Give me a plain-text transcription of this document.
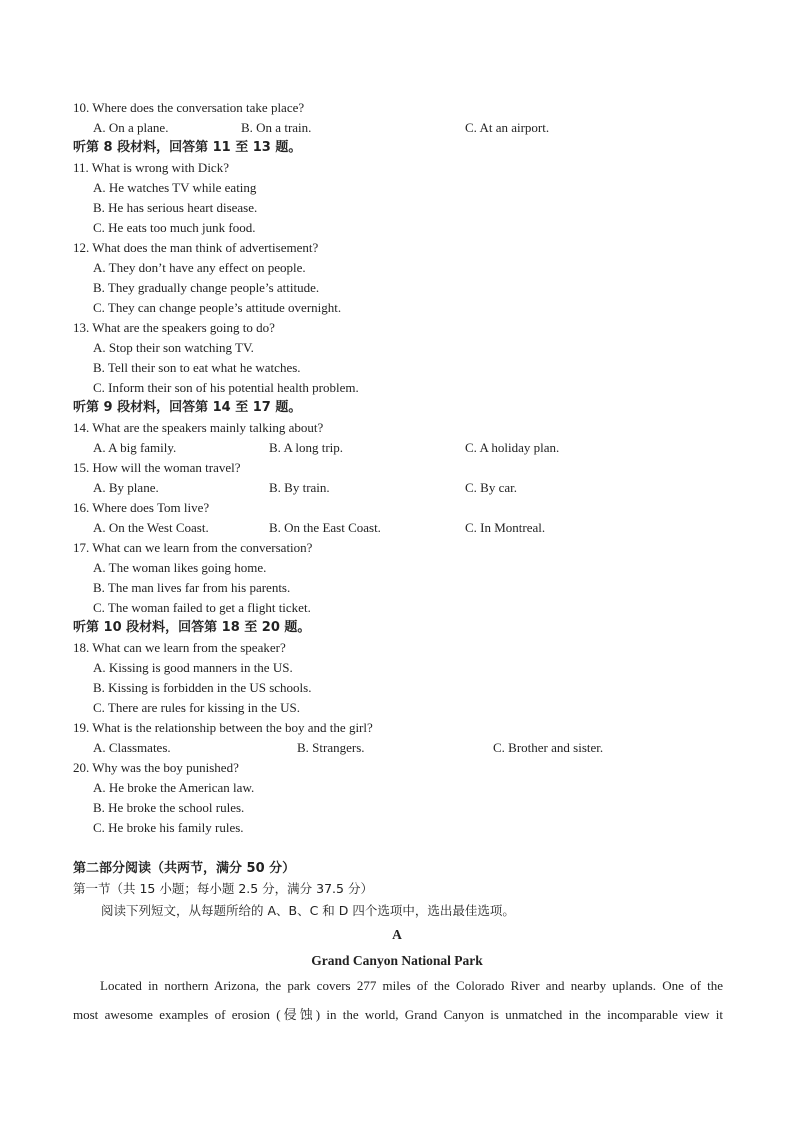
10. Where does the conversation take place?
A. On a plane.	B. On a train.	C. At an airport.
听第 8 段材料，回答第 11 至 13 题。
11. What is wrong with Dick?
A. He watches TV while eating
B. He has serious heart disease.
C. He eats too much junk food.
12. What does the man think of advertisement?
A. They don’t have any effect on people.
B. They gradually change people’s attitude.
C. They can change people’s attitude overnight.
13. What are the speakers going to do?
A. Stop their son watching TV.
B. Tell their son to eat what he watches.
C. Inform their son of his potential health problem.
听第 9 段材料，回答第 14 至 17 题。
14. What are the speakers mainly talking about?
A. A big family.	B. A long trip.	C. A holiday plan.
15. How will the woman travel?
A. By plane.	B. By train.	C. By car.
16. Where does Tom live?
A. On the West Coast.	B. On the East Coast.	C. In Montreal.
17. What can we learn from the conversation?
A. The woman likes going home.
B. The man lives far from his parents.
C. The woman failed to get a flight ticket.
听第 10 段材料，回答第 18 至 20 题。
18. What can we learn from the speaker?
A. Kissing is good manners in the US.
B. Kissing is forbidden in the US schools.
C. There are rules for kissing in the US.
19. What is the relationship between the boy and the girl?
A. Classmates.	B. Strangers.	C. Brother and sister.
20. Why was the boy punished?
A. He broke the American law.
B. He broke the school rules.
C. He broke his family rules.
第二部分阅读（共两节，满分 50 分）
第一节（共 15 小题；每小题 2.5 分，满分 37.5 分）
阅读下列短文，从每题所给的 A、B、C 和 D 四个选项中，选出最佳选项。
A
Grand Canyon National Park
Located in northern Arizona, the park covers 277 miles of the Colorado River and nearby uplands. One of the
most awesome examples of erosion (侵蚀) in the world, Grand Canyon is unmatched in the incomparable view it
